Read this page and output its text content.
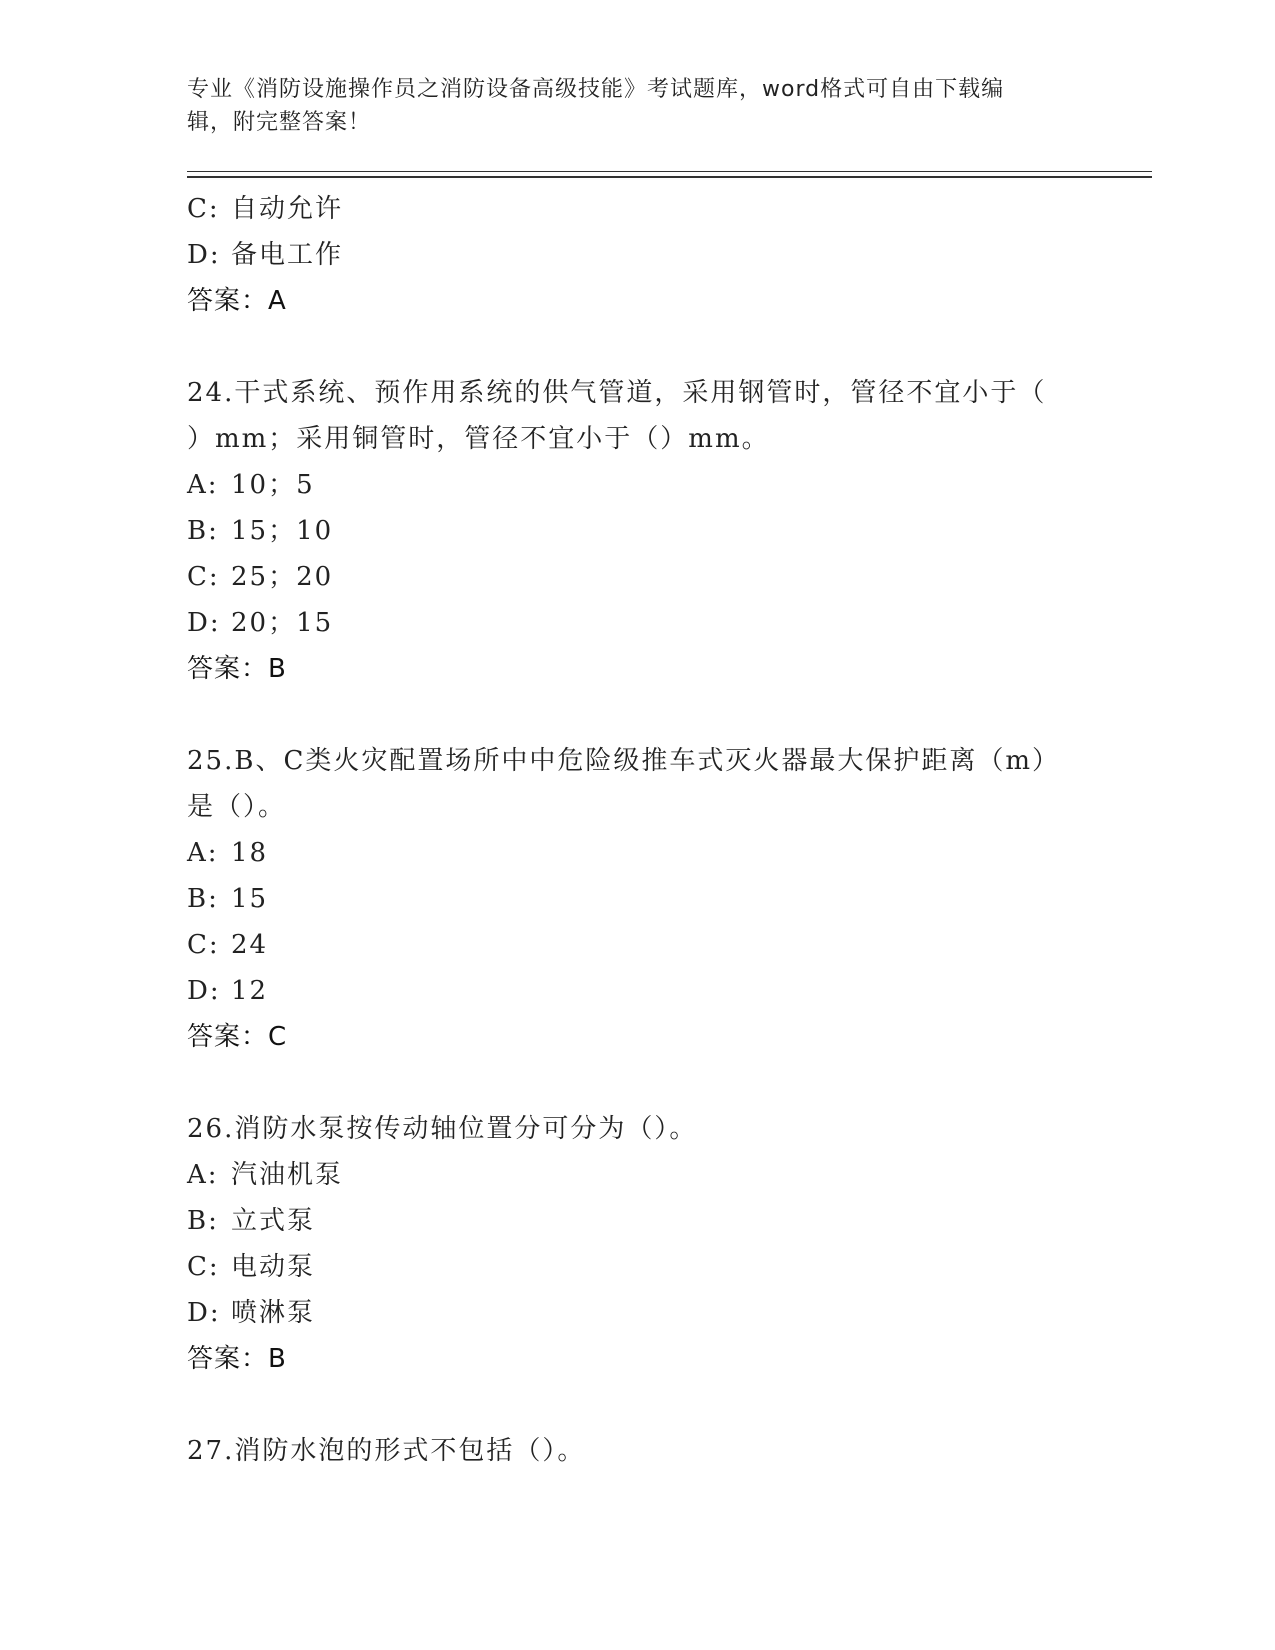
专业《消防设施操作员之消防设备高级技能》考试题库，word格式可自由下载编
辑，附完整答案！
C: 自动允许
D: 备电工作
答案：A
24.干式系统、预作用系统的供气管道，采用钢管时，管径不宜小于（
）mm；采用铜管时，管径不宜小于（）mm。
A: 10；5
B: 15；10
C: 25；20
D: 20；15
答案：B
25.B、C类火灾配置场所中中危险级推车式灭火器最大保护距离（m）
是（）。
A: 18
B: 15
C: 24
D: 12
答案：C
26.消防水泵按传动轴位置分可分为（）。
A: 汽油机泵
B: 立式泵
C: 电动泵
D: 喷淋泵
答案：B
27.消防水泡的形式不包括（）。
